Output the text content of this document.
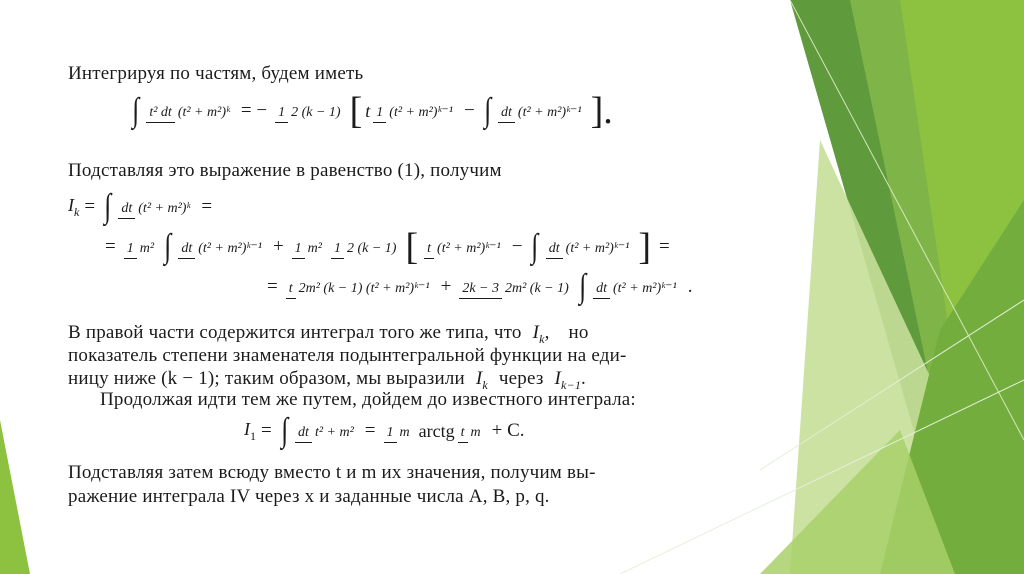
Интегрируя по частям, будем иметь

∫ t² dt (t² + m²)ᵏ = − 1 2 (k − 1) [ t 1 (t² + m²)ᵏ⁻¹ − ∫ dt (t² + m²)ᵏ⁻¹ ].

Подставляя это выражение в равенство (1), получим

Ik = ∫ dt (t² + m²)ᵏ =
= 1 m² ∫ dt (t² + m²)ᵏ⁻¹ + 1 m² 1 2 (k − 1) [ t (t² + m²)ᵏ⁻¹ − ∫ dt (t² + m²)ᵏ⁻¹ ] =
= t 2m² (k − 1) (t² + m²)ᵏ⁻¹ + 2k − 3 2m² (k − 1) ∫ dt (t² + m²)ᵏ⁻¹ .

В правой части содержится интеграл того же типа, что $I_k$, но

показатель степени знаменателя подынтегральной функции на еди-

ницу ниже (k − 1); таким образом, мы выразили $I_k$ через $I_{k-1}$.

Продолжая идти тем же путем, дойдем до известного интеграла:

I1 = ∫ dt t² + m² = 1 m arctg t m + C.

Подставляя затем всюду вместо t и m их значения, получим вы-

ражение интеграла IV через x и заданные числа A, B, p, q.
